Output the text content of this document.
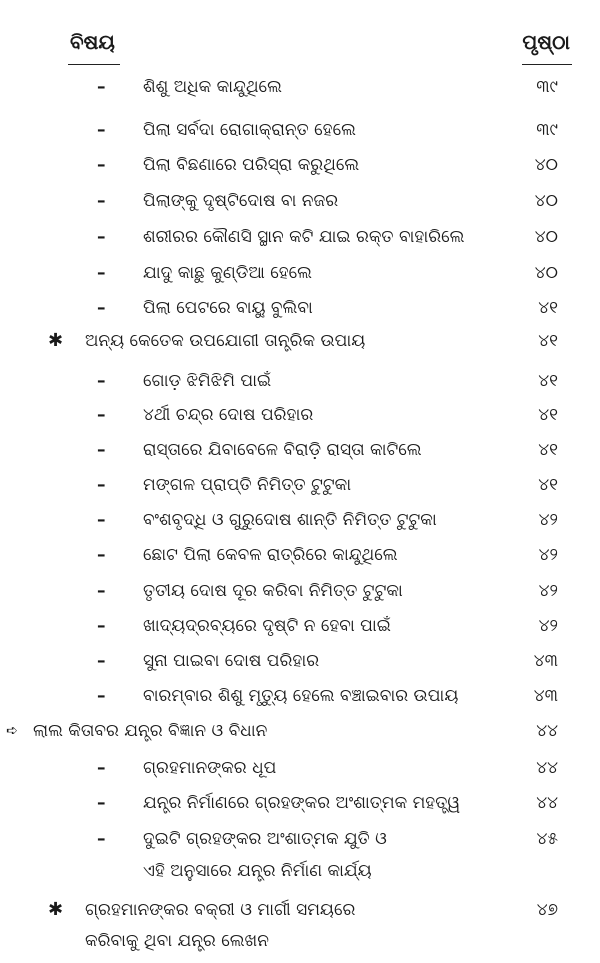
ବିଷୟ	ପୃଷ୍ଠା
– ଶିଶୁ ଅଧିକ କାନ୍ଦୁଥିଲେ	୩୯
– ପିଲା ସର୍ବଦା ରୋଗାକ୍ରାନ୍ତ ହେଲେ	୩୯
– ପିଲା ବିଛଣାରେ ପରିସ୍ରା କରୁଥିଲେ	୪୦
– ପିଲାଙ୍କୁ ଦୃଷ୍ଟିଦୋଷ ବା ନଜର	୪୦
– ଶରୀରର କୌଣସି ସ୍ଥାନ କଟି ଯାଇ ରକ୍ତ ବାହାରିଲେ	୪୦
– ଯାଦୁ କାଛୁ କୁଣ୍ଡିଆ ହେଲେ	୪୦
– ପିଲା ପେଟରେ ବାୟୁ ବୁଲିବା	୪୧
✱ ଅନ୍ୟ କେତେକ ଉପଯୋଗୀ ତାନ୍ତ୍ରିକ ଉପାୟ	୪୧
– ଗୋଡ଼ ଝିମିଝିମି ପାଇଁ	୪୧
– ୪ର୍ଥୀ ଚନ୍ଦ୍ର ଦୋଷ ପରିହାର	୪୧
– ରାସ୍ତାରେ ଯିବାବେଳେ ବିରାଡ଼ି ରାସ୍ତା କାଟିଲେ	୪୧
– ମଙ୍ଗଳ ପ୍ରାପ୍ତି ନିମିତ୍ତ ଟୁଟୁକା	୪୧
– ବଂଶବୃଦ୍ଧି ଓ ଗୁରୁଦୋଷ ଶାନ୍ତି ନିମିତ୍ତ ଟୁଟୁକା	୪୨
– ଛୋଟ ପିଲା କେବଳ ରାତ୍ରିରେ କାନ୍ଦୁଥିଲେ	୪୨
– ତୃତୀୟ ଦୋଷ ଦୂର କରିବା ନିମିତ୍ତ ଟୁଟୁକା	୪୨
– ଖାଦ୍ୟଦ୍ରବ୍ୟରେ ଦୃଷ୍ଟି ନ ହେବା ପାଇଁ	୪୨
– ସୁନା ପାଇବା ଦୋଷ ପରିହାର	୪୩
– ବାରମ୍ବାର ଶିଶୁ ମୃତ୍ୟୁ ହେଲେ ବଞ୍ଚାଇବାର ଉପାୟ	୪୩
➪ ଲାଲ କିତାବର ଯନ୍ତ୍ର ବିଜ୍ଞାନ ଓ ବିଧାନ	୪୪
– ଗ୍ରହମାନଙ୍କର ଧୂପ	୪୪
– ଯନ୍ତ୍ର ନିର୍ମାଣରେ ଗ୍ରହଙ୍କର ଅଂଶାତ୍ମକ ମହତ୍ତ୍ୱ	୪୪
– ଦୁଇଟି ଗ୍ରହଙ୍କର ଅଂଶାତ୍ମକ ଯୁତି ଓ	୪୫
ଏହି ଅନୁସାରେ ଯନ୍ତ୍ର ନିର୍ମାଣ କାର୍ଯ୍ୟ
✱ ଗ୍ରହମାନଙ୍କର ବକ୍ରୀ ଓ ମାର୍ଗୀ ସମୟରେ	୪୭
କରିବାକୁ ଥିବା ଯନ୍ତ୍ର ଲେଖନ
